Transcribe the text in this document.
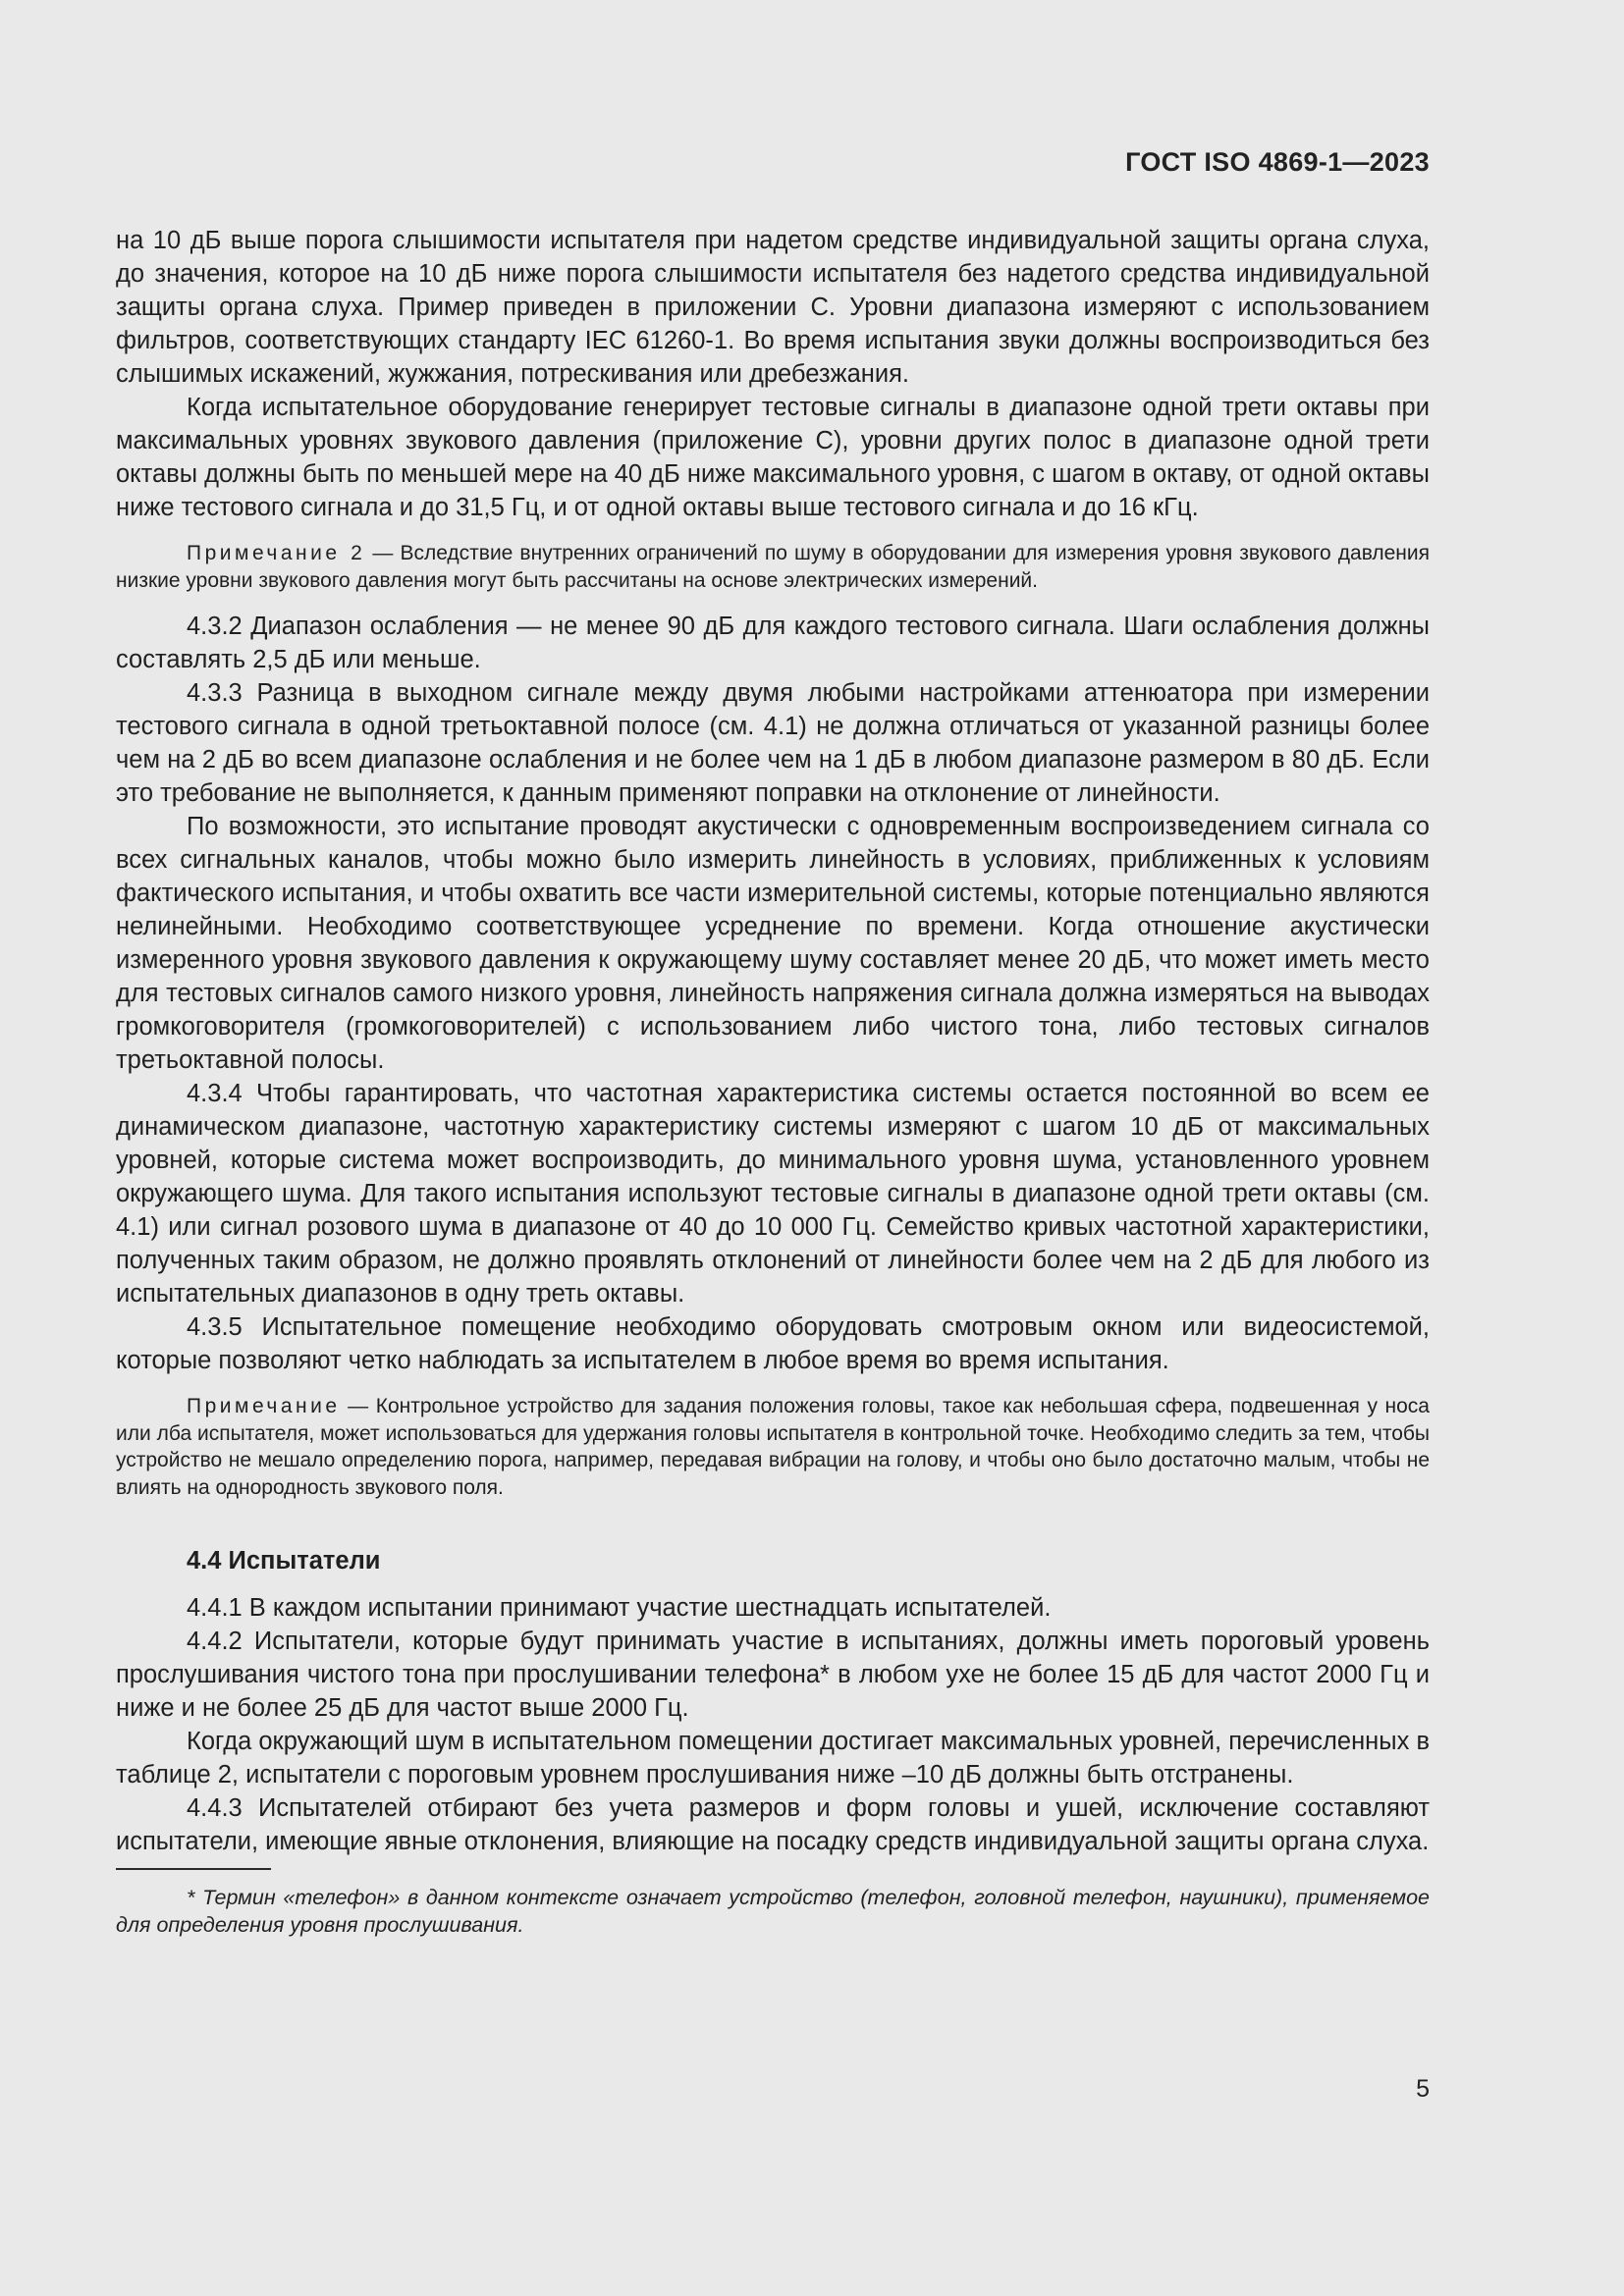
ГОСТ ISO 4869-1—2023

на 10 дБ выше порога слышимости испытателя при надетом средстве индивидуальной защиты органа слуха, до значения, которое на 10 дБ ниже порога слышимости испытателя без надетого средства индивидуальной защиты органа слуха. Пример приведен в приложении С. Уровни диапазона измеряют с использованием фильтров, соответствующих стандарту IEC 61260-1. Во время испытания звуки должны воспроизводиться без слышимых искажений, жужжания, потрескивания или дребезжания.

Когда испытательное оборудование генерирует тестовые сигналы в диапазоне одной трети октавы при максимальных уровнях звукового давления (приложение С), уровни других полос в диапазоне одной трети октавы должны быть по меньшей мере на 40 дБ ниже максимального уровня, с шагом в октаву, от одной октавы ниже тестового сигнала и до 31,5 Гц, и от одной октавы выше тестового сигнала и до 16 кГц.

Примечание 2 — Вследствие внутренних ограничений по шуму в оборудовании для измерения уровня звукового давления низкие уровни звукового давления могут быть рассчитаны на основе электрических измерений.

4.3.2 Диапазон ослабления — не менее 90 дБ для каждого тестового сигнала. Шаги ослабления должны составлять 2,5 дБ или меньше.

4.3.3 Разница в выходном сигнале между двумя любыми настройками аттенюатора при измерении тестового сигнала в одной третьоктавной полосе (см. 4.1) не должна отличаться от указанной разницы более чем на 2 дБ во всем диапазоне ослабления и не более чем на 1 дБ в любом диапазоне размером в 80 дБ. Если это требование не выполняется, к данным применяют поправки на отклонение от линейности.

По возможности, это испытание проводят акустически с одновременным воспроизведением сигнала со всех сигнальных каналов, чтобы можно было измерить линейность в условиях, приближенных к условиям фактического испытания, и чтобы охватить все части измерительной системы, которые потенциально являются нелинейными. Необходимо соответствующее усреднение по времени. Когда отношение акустически измеренного уровня звукового давления к окружающему шуму составляет менее 20 дБ, что может иметь место для тестовых сигналов самого низкого уровня, линейность напряжения сигнала должна измеряться на выводах громкоговорителя (громкоговорителей) с использованием либо чистого тона, либо тестовых сигналов третьоктавной полосы.

4.3.4 Чтобы гарантировать, что частотная характеристика системы остается постоянной во всем ее динамическом диапазоне, частотную характеристику системы измеряют с шагом 10 дБ от максимальных уровней, которые система может воспроизводить, до минимального уровня шума, установленного уровнем окружающего шума. Для такого испытания используют тестовые сигналы в диапазоне одной трети октавы (см. 4.1) или сигнал розового шума в диапазоне от 40 до 10 000 Гц. Семейство кривых частотной характеристики, полученных таким образом, не должно проявлять отклонений от линейности более чем на 2 дБ для любого из испытательных диапазонов в одну треть октавы.

4.3.5 Испытательное помещение необходимо оборудовать смотровым окном или видеосистемой, которые позволяют четко наблюдать за испытателем в любое время во время испытания.

Примечание — Контрольное устройство для задания положения головы, такое как небольшая сфера, подвешенная у носа или лба испытателя, может использоваться для удержания головы испытателя в контрольной точке. Необходимо следить за тем, чтобы устройство не мешало определению порога, например, передавая вибрации на голову, и чтобы оно было достаточно малым, чтобы не влиять на однородность звукового поля.

4.4 Испытатели

4.4.1 В каждом испытании принимают участие шестнадцать испытателей.

4.4.2 Испытатели, которые будут принимать участие в испытаниях, должны иметь пороговый уровень прослушивания чистого тона при прослушивании телефона* в любом ухе не более 15 дБ для частот 2000 Гц и ниже и не более 25 дБ для частот выше 2000 Гц.

Когда окружающий шум в испытательном помещении достигает максимальных уровней, перечисленных в таблице 2, испытатели с пороговым уровнем прослушивания ниже –10 дБ должны быть отстранены.

4.4.3 Испытателей отбирают без учета размеров и форм головы и ушей, исключение составляют испытатели, имеющие явные отклонения, влияющие на посадку средств индивидуальной защиты органа слуха.

* Термин «телефон» в данном контексте означает устройство (телефон, головной телефон, наушники), применяемое для определения уровня прослушивания.

5
